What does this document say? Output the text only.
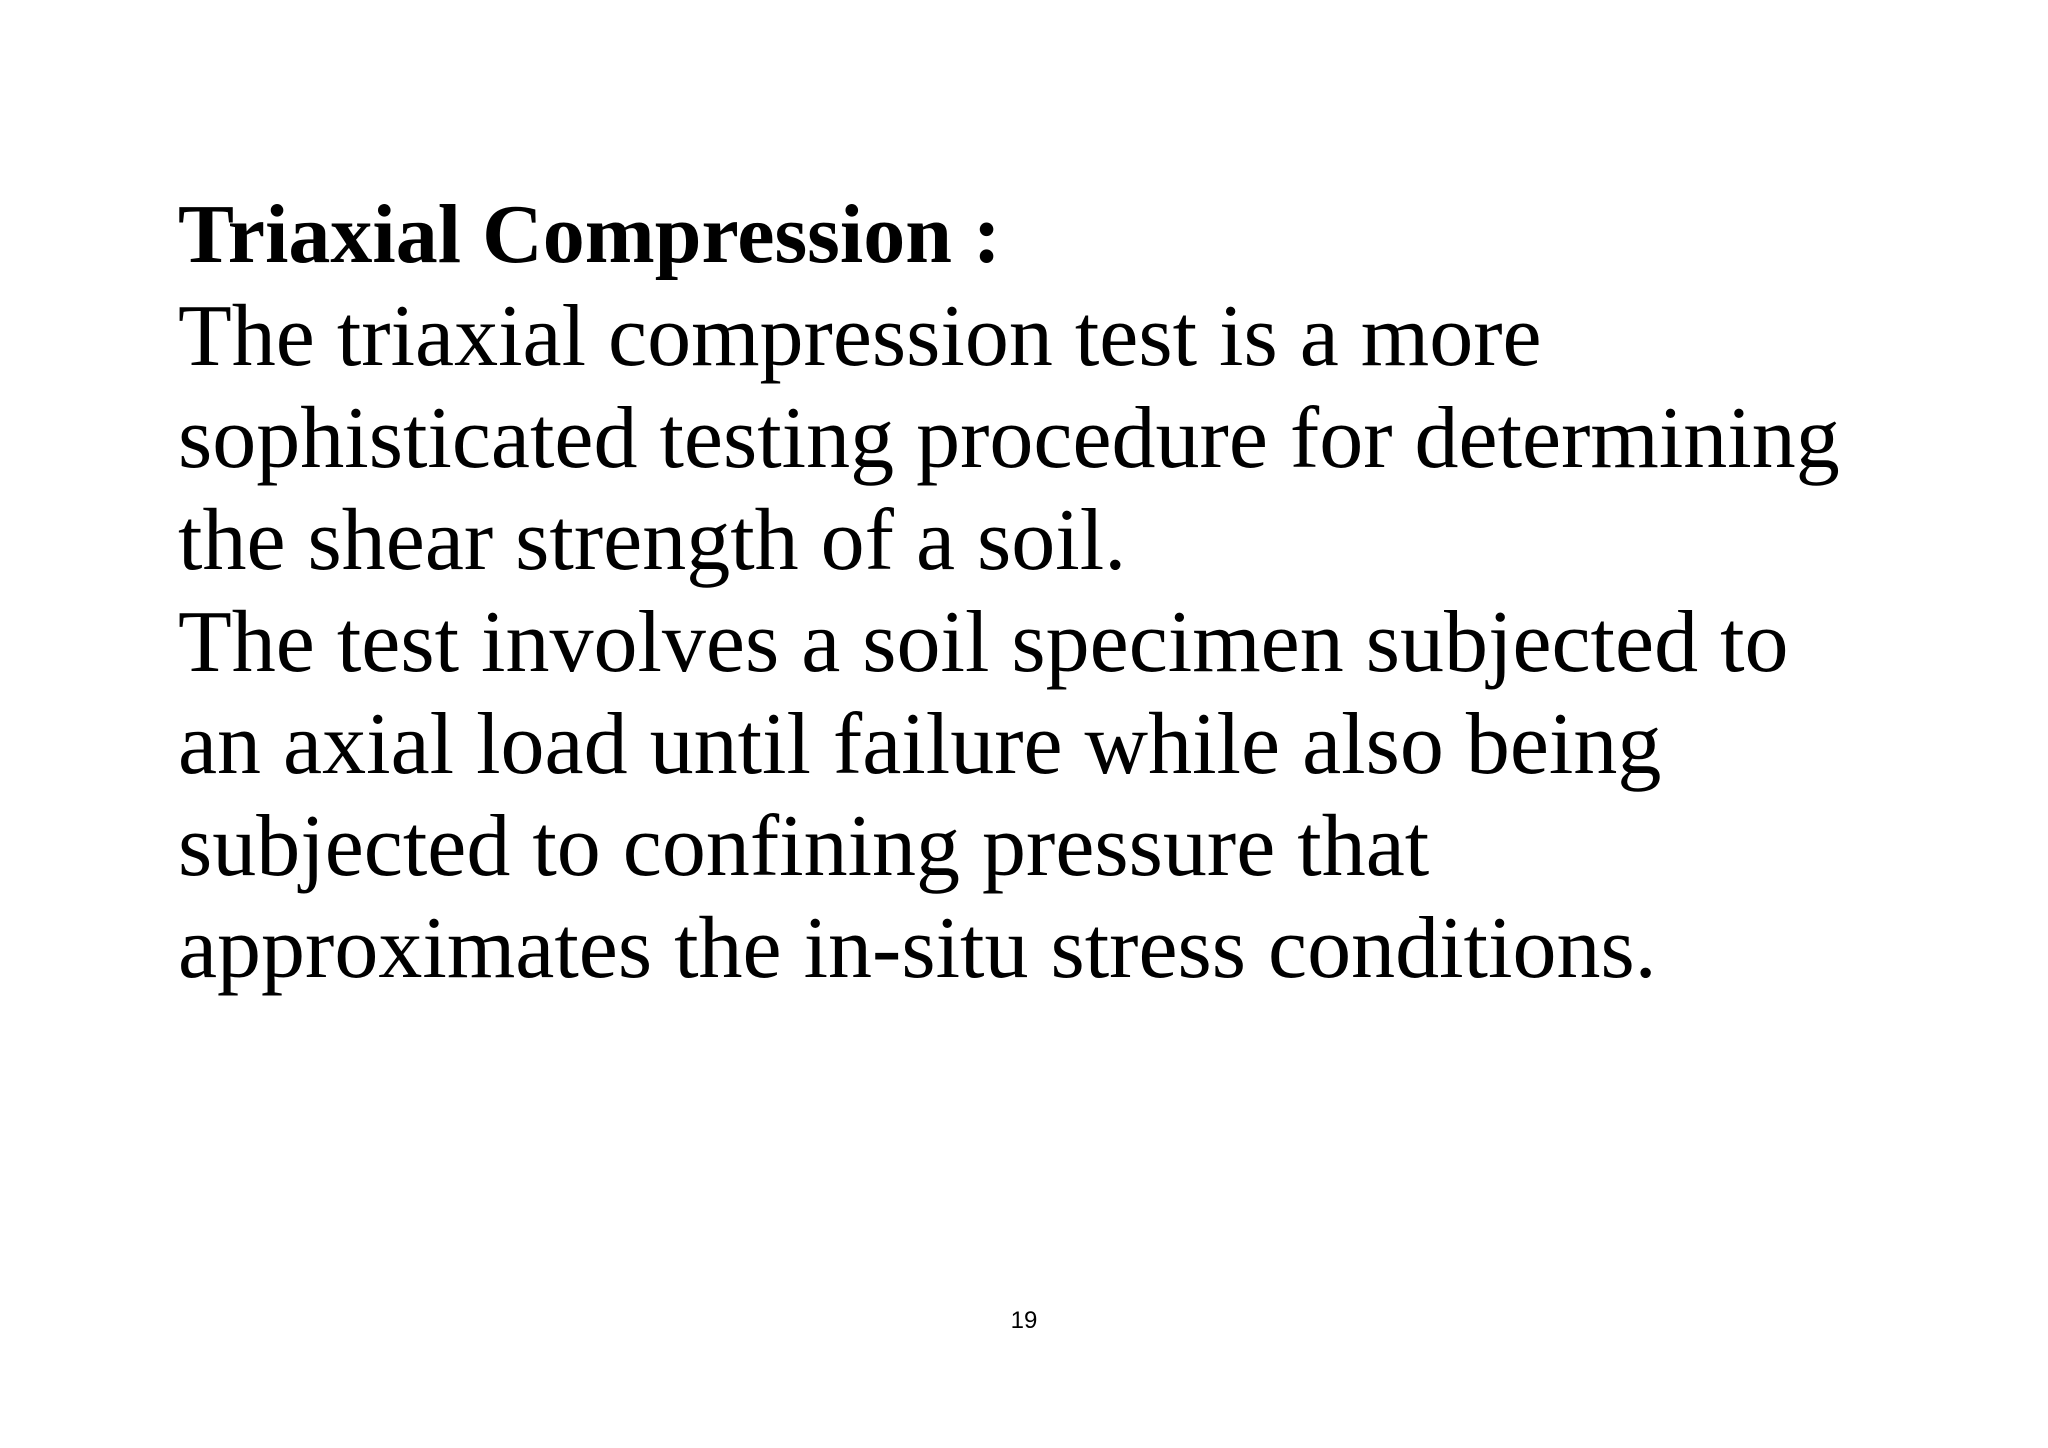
Triaxial Compression :
The triaxial compression test is a more
sophisticated testing procedure for determining
the shear strength of a soil.
The test involves a soil specimen subjected to
an axial load until failure while also being
subjected to confining pressure that
approximates the in-situ stress conditions.
19
